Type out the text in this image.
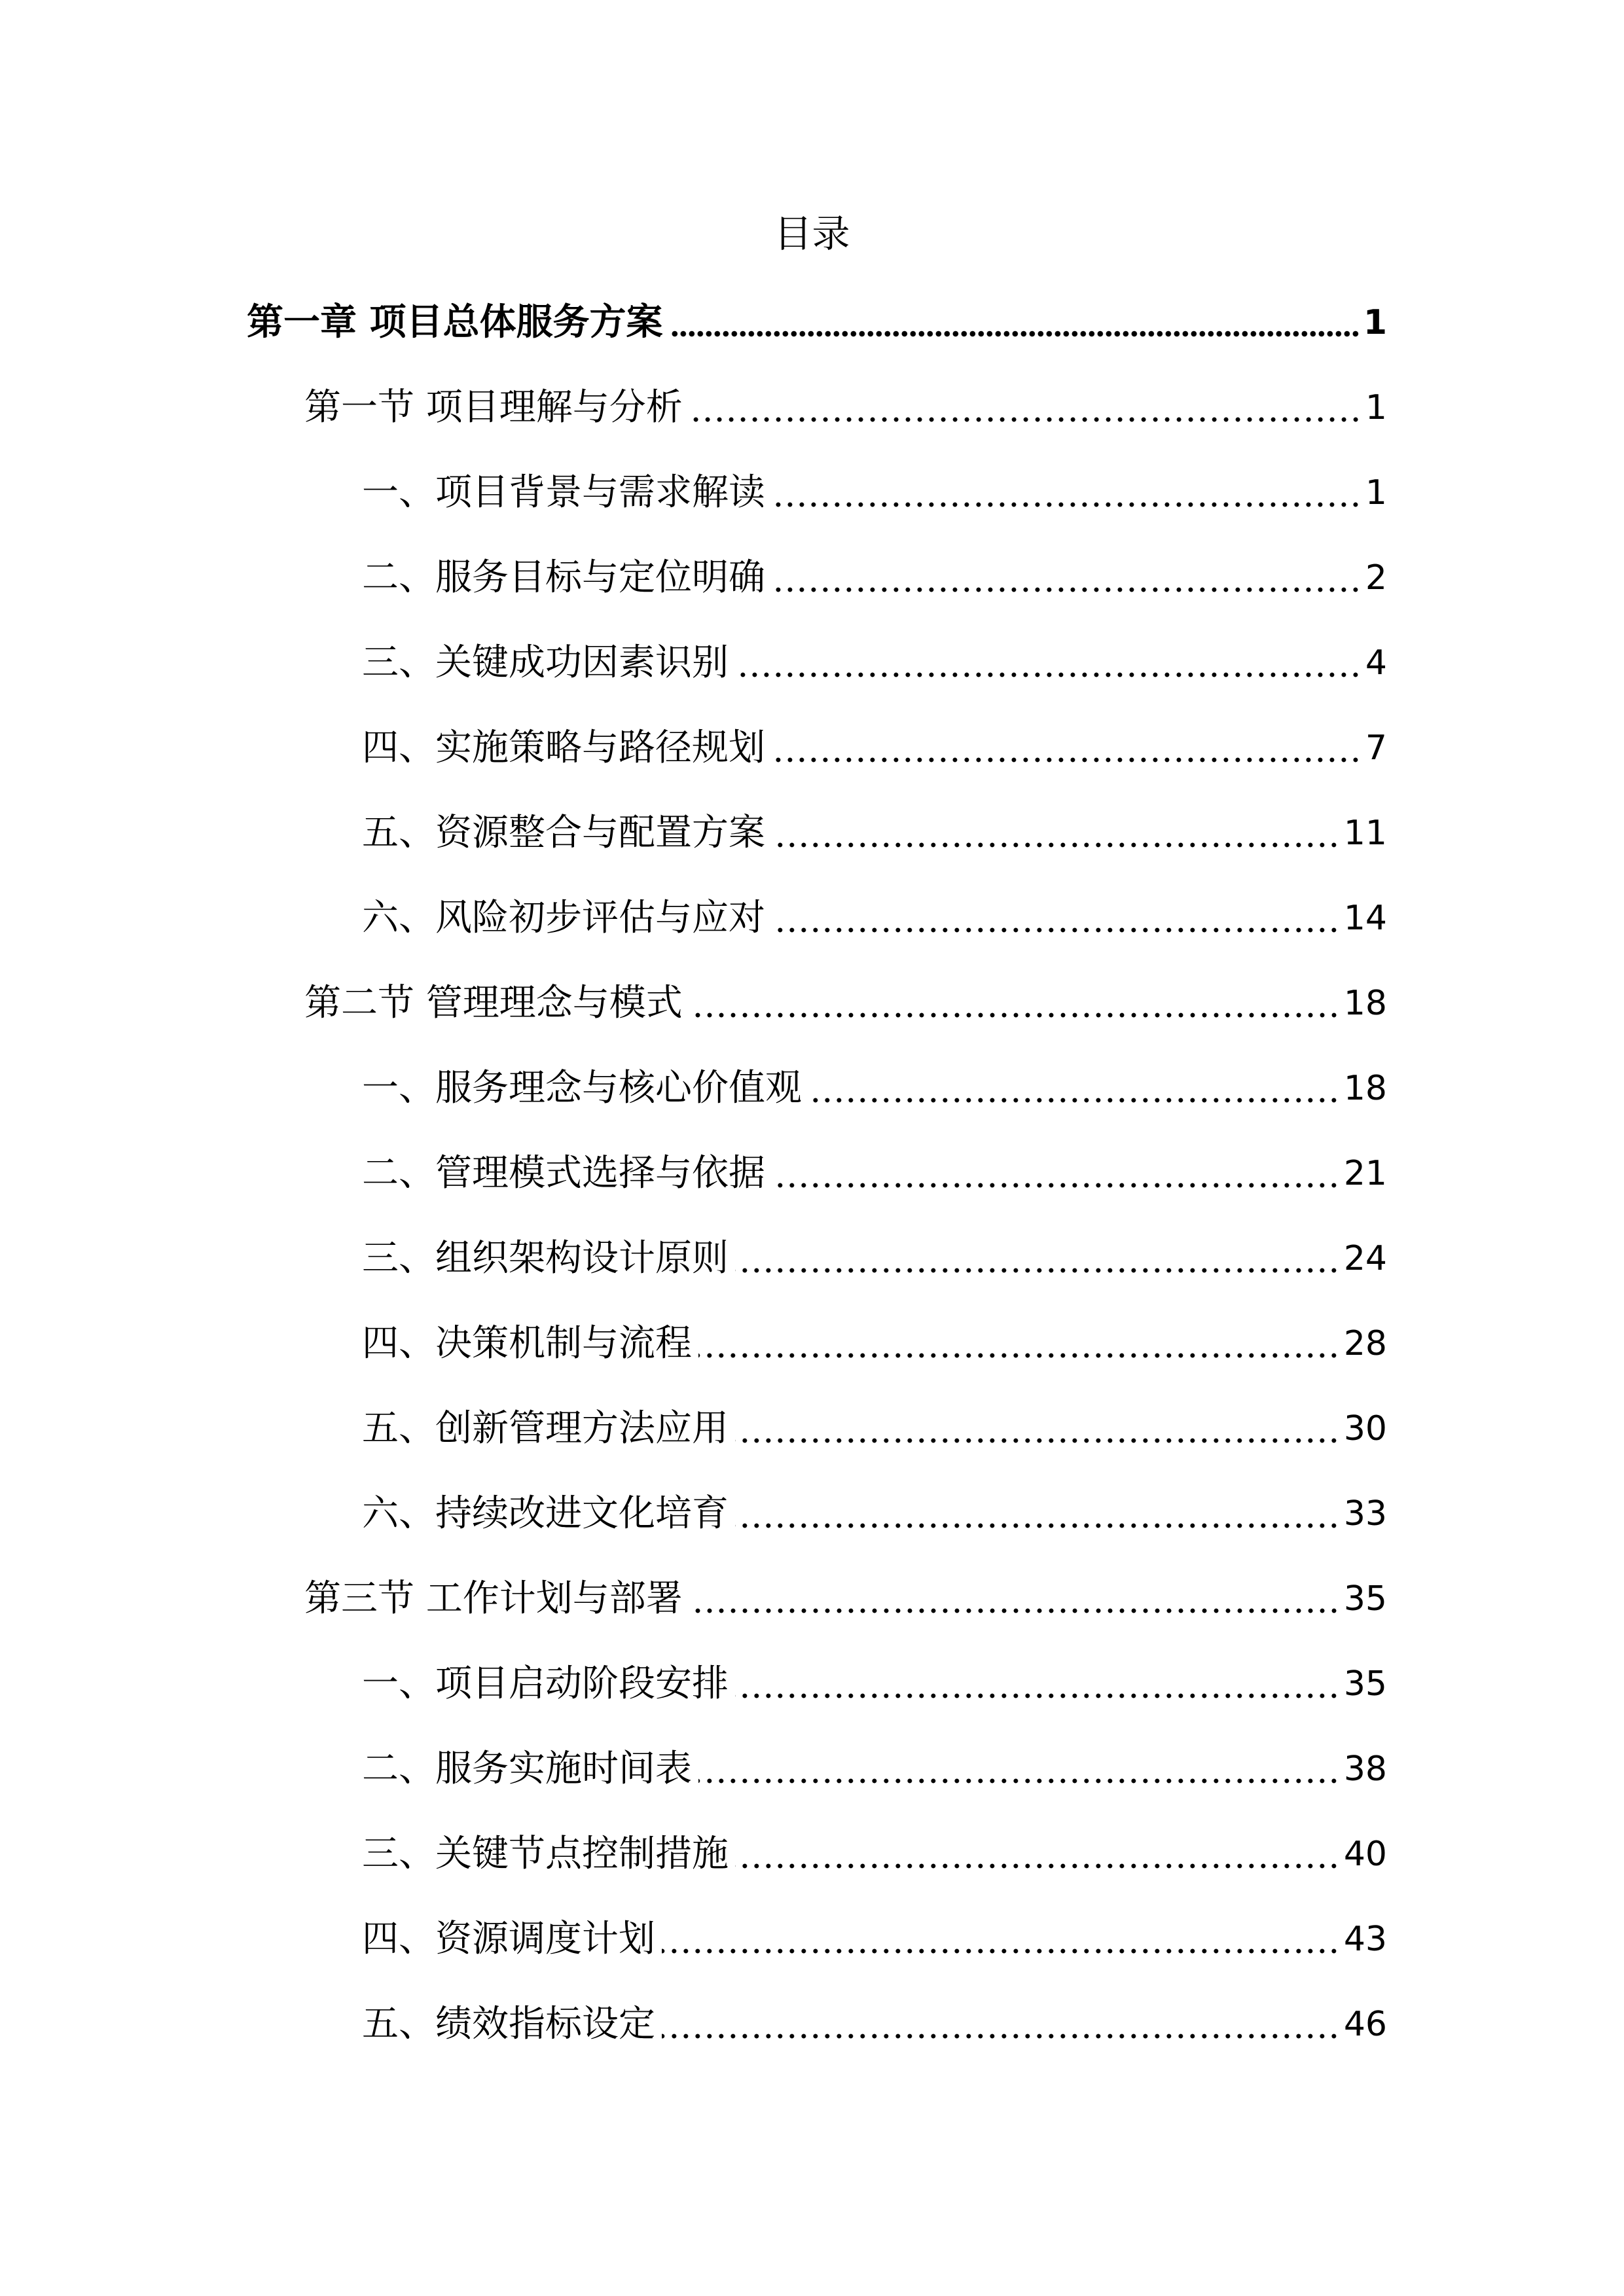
目录
第一章 项目总体服务方案	1
第一节 项目理解与分析	1
一、项目背景与需求解读	1
二、服务目标与定位明确	2
三、关键成功因素识别	4
四、实施策略与路径规划	7
五、资源整合与配置方案	11
六、风险初步评估与应对	14
第二节 管理理念与模式	18
一、服务理念与核心价值观	18
二、管理模式选择与依据	21
三、组织架构设计原则	24
四、决策机制与流程	28
五、创新管理方法应用	30
六、持续改进文化培育	33
第三节 工作计划与部署	35
一、项目启动阶段安排	35
二、服务实施时间表	38
三、关键节点控制措施	40
四、资源调度计划	43
五、绩效指标设定	46
